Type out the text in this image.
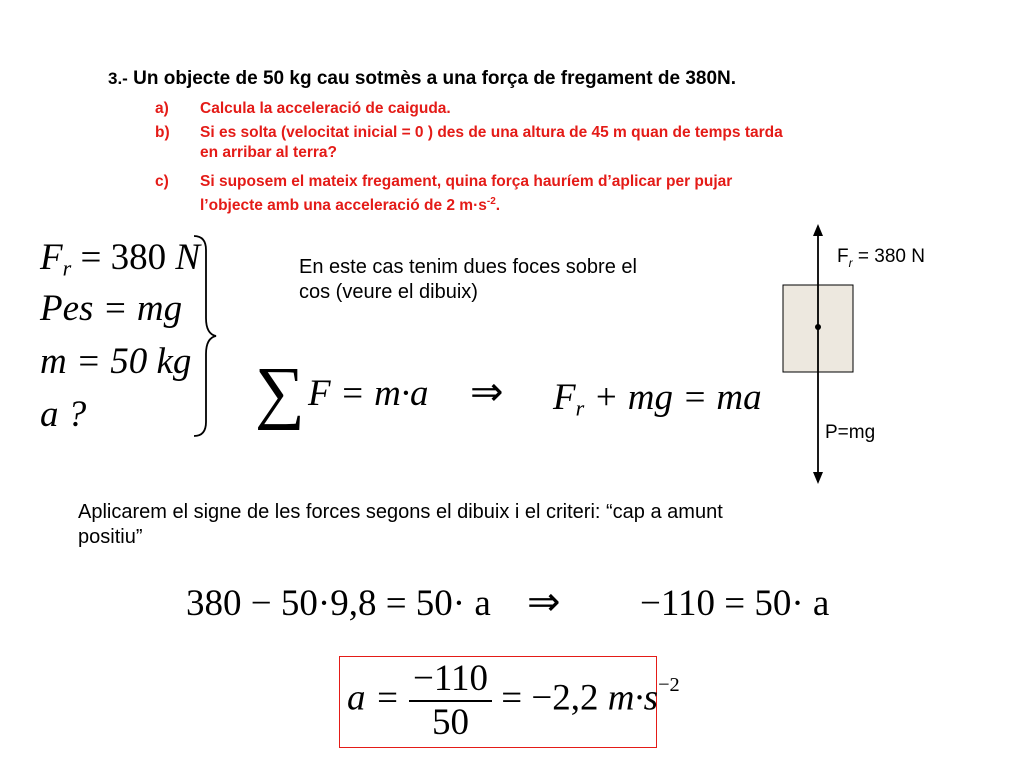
3.- Un objecte de 50 kg cau sotmès a una força de fregament de 380N.
a) Calcula la acceleració de caiguda.
b) Si es solta (velocitat inicial = 0 ) des de una altura de 45 m quan de temps tarda
en arribar al terra?
c) Si suposem el mateix fregament, quina força hauríem d’aplicar per pujar
l’objecte amb una acceleració de 2 $m\cdot s^{-2}$.
$F_r = 380$ N
Pes = mg
m = 50 kg
a ?
En este cas tenim dues foces sobre el
cos (veure el dibuix)
∑ F = m·a ⇒ $F_r$ + mg = ma
$F_r = 380$ N
P=mg
Aplicarem el signe de les forces segons el dibuix i el criteri: “cap a amunt
positiu”
380 − 50·9,8 = 50· a ⇒ −110 = 50· a
$a = \frac{-110}{50} = -2,2$ $m\cdot s^{-2}$
